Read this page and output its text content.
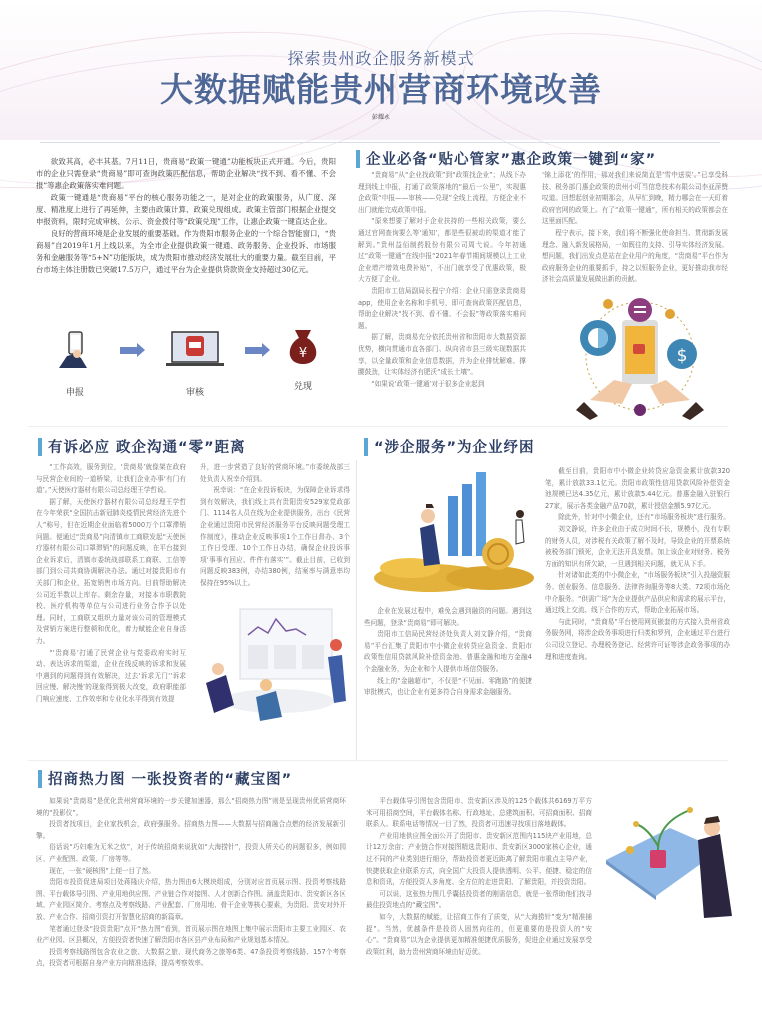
探索贵州政企服务新模式
大数据赋能贵州营商环境改善
彭耀永

欲致其高，必丰其基。7月11日，贵商易“政策一键通”功能板块正式开通。今后，贵阳市的企业只需登录“贵商易”即可查询政策匹配信息，帮助企业解决“找不到、看不懂、不会报”等惠企政策落实难问题。

政策一键通是“贵商易”平台的核心服务功能之一，是对企业的政策服务，从广度、深度、精准度上进行了再延伸，主要由政策计算、政策兑现组成。政策主管部门根据企业提交申报资料，限时完成审核、公示、资金拨付等“政策兑现”工作，让惠企政策一键直达企业。

良好的营商环境是企业发展的重要基础。作为贵阳市服务企业的一个综合智能窗口，“贵商易”自2019年1月上线以来，为全市企业提供政策一键通、政务服务、企业投诉、市场服务和金融服务等“5+N”功能版块，成为贵阳市推动经济发展壮大的重要力量。截至目前，平台市场主体注册数已突破17.5万户，通过平台为企业提供贷款资金支持超过30亿元。

申报	审核
¥
兑现
企业必备“贴心管家”惠企政策一键到“家”

“贵商易”从“企业找政策”到“政策找企业”；从线下办理到线上申报，打通了政策落地的“最后一公里”，实现惠企政策“申报——审核——兑现”全线上流程，方便企业不出门就能完成政策申报。

“原来想要了解对于企业扶持的一些相关政策，要么通过官网查询要么等‘通知’，都是些很被动的渠道才能了解到。”贵州益佰制药股份有限公司周弋说。今年初通过“政策一键通”在线申报“2021年春节期间规模以上工业企业增产增效电费补贴”，不出门就享受了优惠政策，极大方便了企业。

贵阳市工信局副局长程宁介绍：企业只需登录贵商易app，使用企业名称和手机号，即可查询政策匹配信息，帮助企业解决“找不到、看不懂、不会报”等政策落实难问题。

据了解，贵商易充分依托贵州省和贵阳市大数据资源优势，横向贯通市直各部门、纵向省市县三级实现数据共享，以全量政策和企业信息数据，并为企业排忧解难、撑腰鼓劲，让实体经济有肥沃“成长土壤”。

“如果说‘政策一键通’对于很多企业起到

‘锦上添花’的作用，那对我们来说简直是‘雪中送炭’。”已享受科技、税务部门惠企政策的贵州小叮当信息技术有限公司李亚萍赞叹道。回想起创业初期那会，从早忙到晚，精力哪会在一天盯着政府官网的政策上。有了“政策一键通”，所有相关的政策都会在这里面匹配。

程宁表示，接下来，我们将不断强化使命担当、贯彻新发展理念、融入新发展格局，一如既往的支持、引导实体经济发展。想问题，我们出发点是站在企业用户的角度，“贵商易”平台作为政府服务企业的重要抓手，持之以恒服务企业，更好推动我市经济社会高质量发展做出新的贡献。

$
有诉必应 政企沟通“零”距离

“工作高效，服务到位，‘贵商易’就像架在政府与民营企业间的一道桥梁，让我们企业办事‘有门有道’。”天使医疗器材有限公司总经理王学哲说。

据了解，天使医疗器材有限公司总经理王学哲在今年荣获“全国抗击新冠肺炎疫情民营经济先进个人”称号，但在近期企业面临着5000万个口罩滞销问题。便通过“贵商易”向清镇市工商联发起“天使医疗器材有限公司口罩滞销”的问题反映，在平台接到企业诉求后，清镇市委统战部联系工商联、工信等部门到公司共商协调解决办法。通过对接贵阳市有关部门和企业，拓宽销售市场方向。目前帮助解决公司近半数以上库存。剩余存量，对接本市职教院校、医疗机构等单位与公司进行业务合作予以处理。同时，工商联又组织力量对该公司的管理模式及营销方案进行整顿和优化，着力赋能企业自身活力。

“‘贵商易’打通了民营企业与党委政府实时互动、表达诉求的渠道，企业在线反映的诉求和发展中遇到的问题得到有效解决，过去‘诉求无门’‘诉求回应慢、解决慢’的现象得到极大改变，政府职能部门响应速度、工作效率和专业化水平得到有效提

升，进一步营造了良好的营商环境。”市委统战部三处负责人祝幸介绍到。

祝幸说：“在企业投诉板块，为保障企业诉求得到有效解决，我们线上共有贵阳贵安529家党政部门、1114名人员在线为企业提供服务，出台《民营企业通过贵阳市民营经济服务平台反映问题受理工作制度》，推动企业反映事项1个工作日督办、3个工作日受理、10个工作日办结，确保企业投诉事项‘事事有回应、件件有落实’”。截止目前，已收到问题反映383例，办结380例，结案率与满意率均保持在95%以上。

“涉企服务”为企业纾困

企业在发展过程中，难免会遇到融资的问题。遇到这些问题，登录“贵商易”即可解决。

贵阳市工信局民营经济处负责人刘文静介绍，“贵商易”平台汇集了贵阳市中小微企业转贷应急资金、贵阳市政策性信用贷款风险补偿资金池、普惠金融和地方金融4个金融业务，为企业和个人提供市场信贷服务。

线上的“金融超市”，不仅是“不见面、零跑路”的便捷审批模式，也让企业有更多符合自身需求金融服务。

截至目前，贵阳市中小微企业转贷应急资金累计放款320笔，累计放款33.1亿元。贵阳市政策性信用贷款风险补偿资金池规模已达4.35亿元，累计放款5.44亿元。普惠金融入驻银行27家，展示各类金融产品70款，累计授信金额5.97亿元。

除此外，针对中小微企业，还有“市场服务板块”进行服务。

刘文静说，许多企业由于成立时间不长，规模小，没有专职的财务人员，对涉税有关政策了解不及时，导致企业的开票系统被税务部门锁死，企业无法开具发票。加上该企业对财务、税务方面的知识有所欠缺，一旦遇到相关问题，就无从下手。

针对诸如此类的中小微企业，“市场服务板块”引入投融资服务、创业服务、信息服务、法律咨询服务等8大类、72项市场化中介服务。“供需广场”为企业提供产品供应和需求的展示平台，通过线上交流、线下合作的方式，帮助企业拓展市场。

与此同时，“贵商易”平台使用网页嵌套的方式接入贵州省政务服务网，将涉企政务事项进行归类和罗列，企业通过平台进行公司设立登记、办理税务登记、经营许可证等涉企政务事项的办理和进度查询。

招商热力图 一张投资者的“藏宝图”

如果说“贵商易”是优化贵州营商环境的一步关键加速器，那么“招商热力图”则是呈现贵州优质营商环境的“投影仪”。

投资者找项目，企业家找机会，政府强服务。招商热力图——大数据与招商融合点燃的经济发展新引擎。

俗话说“巧妇难为无米之炊”，对于传统招商来说犹如“大海捞针”，投资人所关心的问题很多，例如园区、产业配图、政策、厂房等等。

现在，一张“硬核图”上便一目了然。

贵阳市投资促进局项目处蒋隆庆介绍，热力图由6大模块组成，分别对应首页展示图、投资考察线路图、平台载体导引图、产业用地供应图、产业链合作对接图、人才创新合作图。涵盖贵阳市、贵安新区各区域、产业园区简介、考察点及考察线路、产业配套、厂房用地、骨干企业等核心要素，为贵阳、贵安对外开放、产业合作、招商引资打开智慧化招商的新篇章。

笔者通过登录“投资贵阳”点开“热力图”看到，首页展示图在地图上集中展示贵阳市主要工业园区、农业产业园、区县概况，方便投资者快速了解贵阳市各区县产业布局和产业规划基本情况。

投资考察线路图包含农业之旅、大数据之旅、现代商务之旅等6类、47条投资考察线路、157个考察点，投资者可根据自身产业方向精准选择，提高考察效率。

平台载体导引图包含贵阳市、贵安新区涉及的125个载体共6169万平方米可用招商空间，平台载体名称、行政地址、总建筑面积、可招商面积、招商联系人、联系电话等情况一目了然，投资者可迅速寻找项目落地载体。

产业用地供应图全面公开了贵阳市、贵安新区范围内115块产业用地，总计12万余亩；产业链合作对接图精选贵阳市、贵安新区3000家核心企业，通过不同的产业类别进行细分，帮助投资者更近距离了解贵阳市重点主导产业，快捷获取企业联系方式，向全国广大投资人提供透明、公平、便捷、稳定的信息和资讯，方便投资人多角度、全方位的走进贵阳、了解贵阳，并投资贵阳。

可以说，这张热力图几乎囊括投资者的刚需信息，就是一张帮助他们找寻最佳投资地点的“藏宝图”。

如今，大数据的赋能，让招商工作有了质变，从“大海捞针”变为“精准捕捉”。当然，优越条件是投资人固然向往的，但更重要的是投资人的“安心”。“贵商易”以为企业提供更加精准便捷优质服务，促进企业通过发展享受政策红利，助力贵州营商环境由好迈优。
